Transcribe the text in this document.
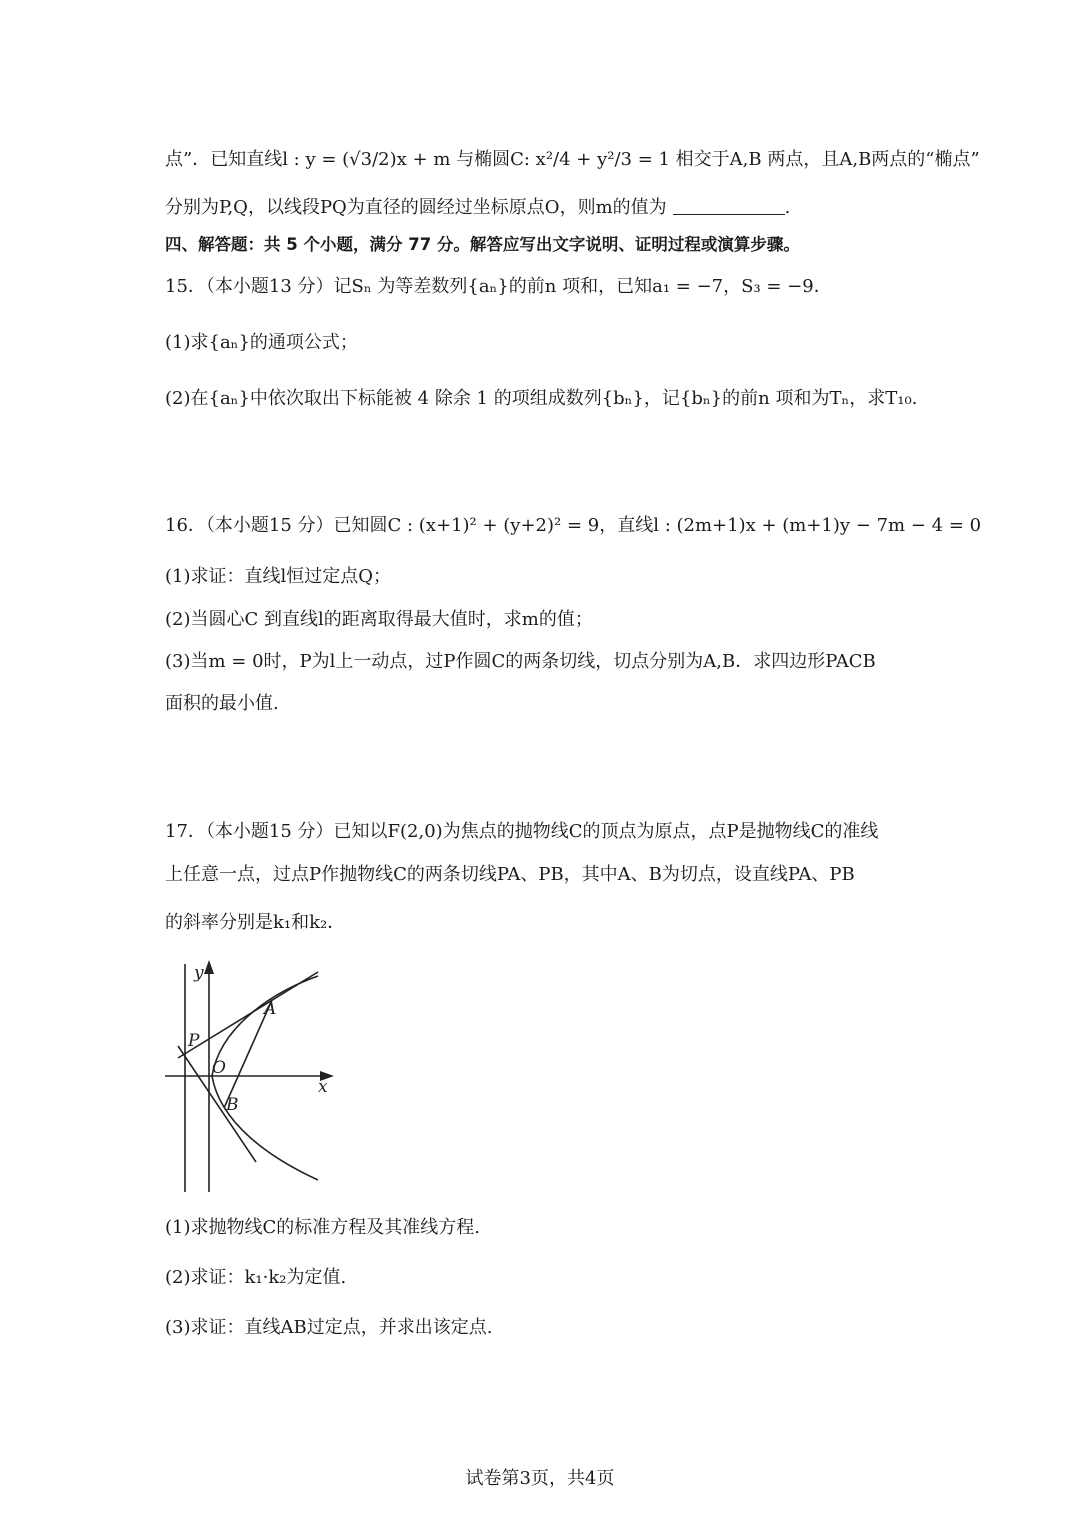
点”．已知直线l : y = (√3/2)x + m 与椭圆C: x²/4 + y²/3 = 1 相交于A,B 两点，且A,B两点的“椭点”
分别为P,Q，以线段PQ为直径的圆经过坐标原点O，则m的值为	.
四、解答题：共 5 个小题，满分 77 分。解答应写出文字说明、证明过程或演算步骤。
15．（本小题13 分）记Sₙ 为等差数列{aₙ}的前n 项和，已知a₁ = −7，S₃ = −9．
(1)求{aₙ}的通项公式；
(2)在{aₙ}中依次取出下标能被 4 除余 1 的项组成数列{bₙ}，记{bₙ}的前n 项和为Tₙ，求T₁₀.
16．（本小题15 分）已知圆C : (x+1)² + (y+2)² = 9，直线l : (2m+1)x + (m+1)y − 7m − 4 = 0
(1)求证：直线l恒过定点Q；
(2)当圆心C 到直线l的距离取得最大值时，求m的值；
(3)当m = 0时，P为l上一动点，过P作圆C的两条切线，切点分别为A,B．求四边形PACB
面积的最小值.
17．（本小题15 分）已知以F(2,0)为焦点的抛物线C的顶点为原点，点P是抛物线C的准线
上任意一点，过点P作抛物线C的两条切线PA、PB，其中A、B为切点，设直线PA、PB
的斜率分别是k₁和k₂．
y
x
A
B
P
O
(1)求抛物线C的标准方程及其准线方程.
(2)求证：k₁·k₂为定值.
(3)求证：直线AB过定点，并求出该定点.
试卷第3页，共4页
